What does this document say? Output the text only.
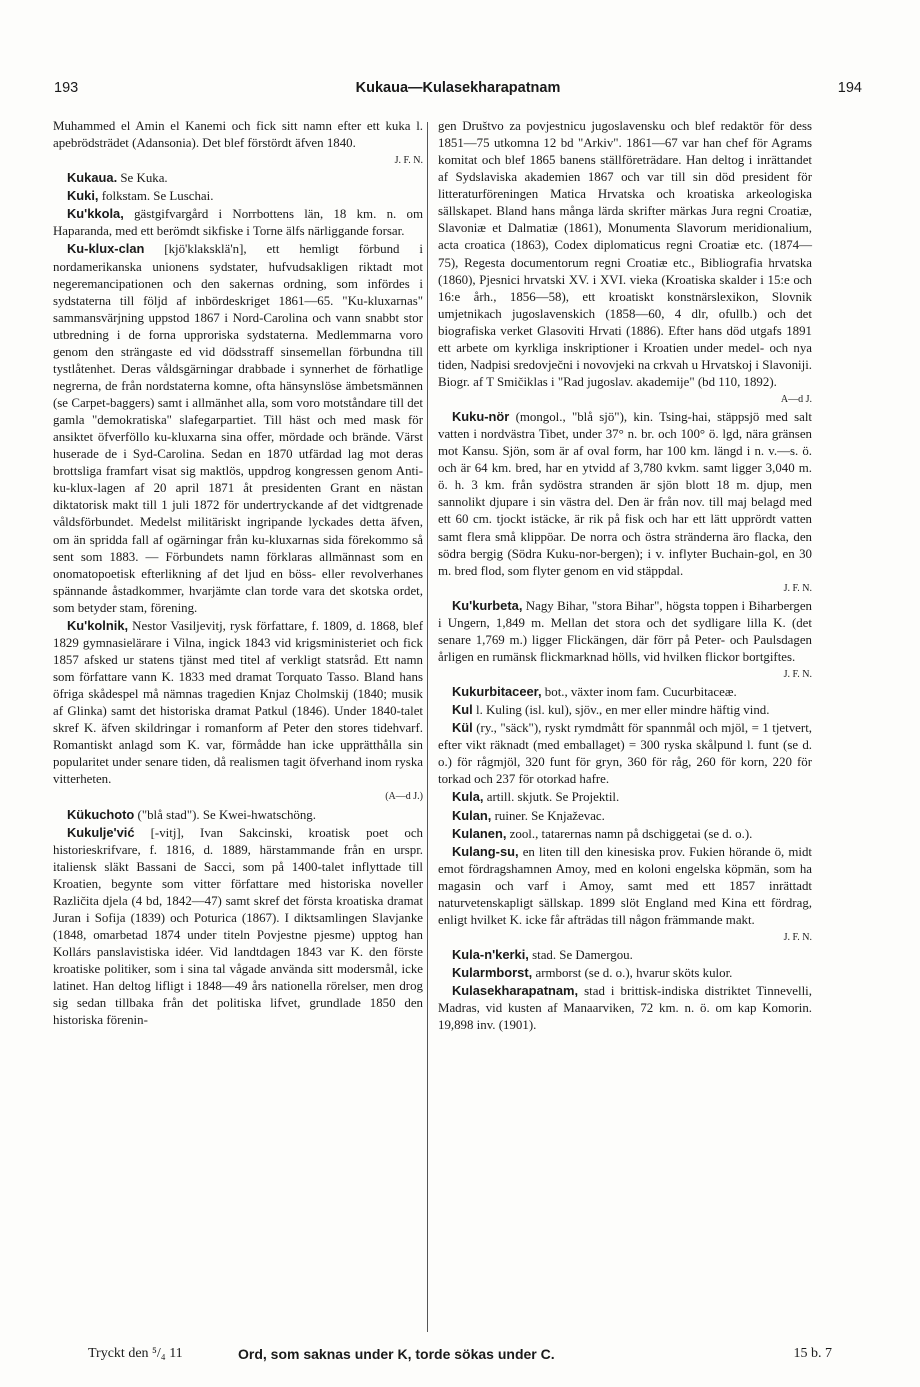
193	Kukaua—Kulasekharapatnam	194

Muhammed el Amin el Kanemi och fick sitt namn efter ett kuka l. apebrödsträdet (Adansonia). Det blef förstördt äfven 1840.
J. F. N.

Kukaua. Se Kuka.

Kuki, folkstam. Se Luschai.

Ku'kkola, gästgifvargård i Norrbottens län, 18 km. n. om Haparanda, med ett berömdt sikfiske i Torne älfs närliggande forsar.

Ku-klux-clan [kjö'klaksklä'n], ett hemligt förbund i nordamerikanska unionens sydstater, hufvudsakligen riktadt mot negeremancipationen och den sakernas ordning, som infördes i sydstaterna till följd af inbördeskriget 1861—65. "Ku-kluxarnas" sammansvärjning uppstod 1867 i Nord-Carolina och vann snabbt stor utbredning i de forna upproriska sydstaterna. Medlemmarna voro genom den strängaste ed vid dödsstraff sinsemellan förbundna till tystlåtenhet. Deras våldsgärningar drabbade i synnerhet de förhatlige negrerna, de från nordstaterna komne, ofta hänsynslöse ämbetsmännen (se Carpet-baggers) samt i allmänhet alla, som voro motståndare till det gamla "demokratiska" slafegarpartiet. Till häst och med mask för ansiktet öfverföllo ku-kluxarna sina offer, mördade och brände. Värst huserade de i Syd-Carolina. Sedan en 1870 utfärdad lag mot deras brottsliga framfart visat sig maktlös, uppdrog kongressen genom Anti-ku-klux-lagen af 20 april 1871 åt presidenten Grant en nästan diktatorisk makt till 1 juli 1872 för undertryckande af det vidtgrenade våldsförbundet. Medelst militäriskt ingripande lyckades detta äfven, om än spridda fall af ogärningar från ku-kluxarnas sida förekommo så sent som 1883. — Förbundets namn förklaras allmännast som en onomatopoetisk efterlikning af det ljud en böss- eller revolverhanes spännande åstadkommer, hvarjämte clan torde vara det skotska ordet, som betyder stam, förening.

Ku'kolnik, Nestor Vasiljevitj, rysk författare, f. 1809, d. 1868, blef 1829 gymnasielärare i Vilna, ingick 1843 vid krigsministeriet och fick 1857 afsked ur statens tjänst med titel af verkligt statsråd. Ett namn som författare vann K. 1833 med dramat Torquato Tasso. Bland hans öfriga skådespel må nämnas tragedien Knjaz Cholmskij (1840; musik af Glinka) samt det historiska dramat Patkul (1846). Under 1840-talet skref K. äfven skildringar i romanform af Peter den stores tidehvarf. Romantiskt anlagd som K. var, förmådde han icke upprätthålla sin popularitet under senare tiden, då realismen tagit öfverhand inom ryska vitterheten.
(A—d J.)

Kükuchoto ("blå stad"). Se Kwei-hwatschöng.

Kukulje'vić [-vitj], Ivan Sakcinski, kroatisk poet och historieskrifvare, f. 1816, d. 1889, härstammande från en urspr. italiensk släkt Bassani de Sacci, som på 1400-talet inflyttade till Kroatien, begynte som vitter författare med historiska noveller Različita djela (4 bd, 1842—47) samt skref det första kroatiska dramat Juran i Sofija (1839) och Poturica (1867). I diktsamlingen Slavjanke (1848, omarbetad 1874 under titeln Povjestne pjesme) upptog han Kollárs panslavistiska idéer. Vid landtdagen 1843 var K. den förste kroatiske politiker, som i sina tal vågade använda sitt modersmål, icke latinet. Han deltog lifligt i 1848—49 års nationella rörelser, men drog sig sedan tillbaka från det politiska lifvet, grundlade 1850 den historiska förenin-

gen Društvo za povjestnicu jugoslavensku och blef redaktör för dess 1851—75 utkomna 12 bd "Arkiv". 1861—67 var han chef för Agrams komitat och blef 1865 banens ställföreträdare. Han deltog i inrättandet af Sydslaviska akademien 1867 och var till sin död president för litteraturföreningen Matica Hrvatska och kroatiska arkeologiska sällskapet. Bland hans många lärda skrifter märkas Jura regni Croatiæ, Slavoniæ et Dalmatiæ (1861), Monumenta Slavorum meridionalium, acta croatica (1863), Codex diplomaticus regni Croatiæ etc. (1874—75), Regesta documentorum regni Croatiæ etc., Bibliografia hrvatska (1860), Pjesnici hrvatski XV. i XVI. vieka (Kroatiska skalder i 15:e och 16:e årh., 1856—58), ett kroatiskt konstnärslexikon, Slovnik umjetnikach jugoslavenskich (1858—60, 4 dlr, ofullb.) och det biografiska verket Glasoviti Hrvati (1886). Efter hans död utgafs 1891 ett arbete om kyrkliga inskriptioner i Kroatien under medel- och nya tiden, Nadpisi sredovječni i novovjeki na crkvah u Hrvatskoj i Slavoniji. Biogr. af T Smičiklas i "Rad jugoslav. akademije" (bd 110, 1892).
A—d J.

Kuku-nör (mongol., "blå sjö"), kin. Tsing-hai, stäppsjö med salt vatten i nordvästra Tibet, under 37° n. br. och 100° ö. lgd, nära gränsen mot Kansu. Sjön, som är af oval form, har 100 km. längd i n. v.—s. ö. och är 64 km. bred, har en ytvidd af 3,780 kvkm. samt ligger 3,040 m. ö. h. 3 km. från sydöstra stranden är sjön blott 18 m. djup, men sannolikt djupare i sin västra del. Den är från nov. till maj belagd med ett 60 cm. tjockt istäcke, är rik på fisk och har ett lätt upprördt vatten samt flera små klippöar. De norra och östra stränderna äro flacka, den södra bergig (Södra Kuku-nor-bergen); i v. inflyter Buchain-gol, en 30 m. bred flod, som flyter genom en vid stäppdal.
J. F. N.

Ku'kurbeta, Nagy Bihar, "stora Bihar", högsta toppen i Biharbergen i Ungern, 1,849 m. Mellan det stora och det sydligare lilla K. (det senare 1,769 m.) ligger Flickängen, där förr på Peter- och Paulsdagen årligen en rumänsk flickmarknad hölls, vid hvilken flickor bortgiftes.
J. F. N.

Kukurbitaceer, bot., växter inom fam. Cucurbitaceæ.

Kul l. Kuling (isl. kul), sjöv., en mer eller mindre häftig vind.

Kül (ry., "säck"), ryskt rymdmått för spannmål och mjöl, = 1 tjetvert, efter vikt räknadt (med emballaget) = 300 ryska skålpund l. funt (se d. o.) för rågmjöl, 320 funt för gryn, 360 för råg, 260 för korn, 220 för torkad och 237 för otorkad hafre.

Kula, artill. skjutk. Se Projektil.

Kulan, ruiner. Se Knjaževac.

Kulanen, zool., tatarernas namn på dschiggetai (se d. o.).

Kulang-su, en liten till den kinesiska prov. Fukien hörande ö, midt emot fördragshamnen Amoy, med en koloni engelska köpmän, som ha magasin och varf i Amoy, samt med ett 1857 inrättadt naturvetenskapligt sällskap. 1899 slöt England med Kina ett fördrag, enligt hvilket K. icke får afträdas till någon främmande makt.
J. F. N.

Kula-n'kerki, stad. Se Damergou.

Kularmborst, armborst (se d. o.), hvarur sköts kulor.

Kulasekharapatnam, stad i brittisk-indiska distriktet Tinnevelli, Madras, vid kusten af Manaarviken, 72 km. n. ö. om kap Komorin. 19,898 inv. (1901).

Tryckt den ⁵/₄ 11	Ord, som saknas under K, torde sökas under C.	15 b. 7
